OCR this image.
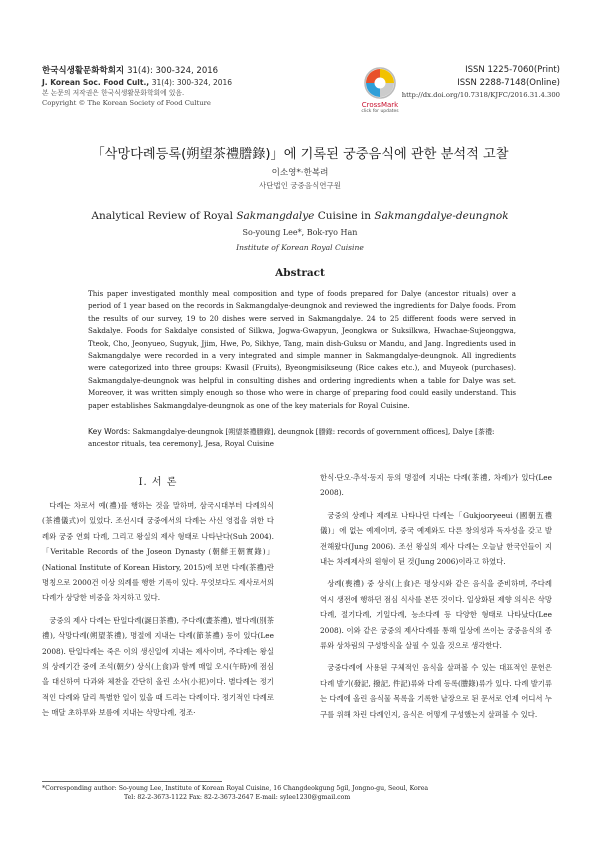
한국식생활문화학회지 31(4): 300-324, 2016
J. Korean Soc. Food Cult., 31(4): 300-324, 2016
본 논문의 저작권은 한국식생활문화학회에 있음.
Copyright © The Korean Society of Food Culture	CrossMark
click for updates
ISSN 1225-7060(Print)
ISSN 2288-7148(Online)
http://dx.doi.org/10.7318/KJFC/2016.31.4.300
「삭망다례등록(朔望茶禮謄錄)」에 기록된 궁중음식에 관한 분석적 고찰
이소영*·한복려
사단법인 궁중음식연구원
Analytical Review of Royal Sakmangdalye Cuisine in Sakmangdalye-deungnok
So-young Lee*, Bok-ryo Han
Institute of Korean Royal Cuisine
Abstract
This paper investigated monthly meal composition and type of foods prepared for Dalye (ancestor rituals) over a period of 1 year based on the records in Sakmangdalye-deungnok and reviewed the ingredients for Dalye foods. From the results of our survey, 19 to 20 dishes were served in Sakmangdalye. 24 to 25 different foods were served in Sakdalye. Foods for Sakdalye consisted of Silkwa, Jogwa-Gwapyun, Jeongkwa or Suksilkwa, Hwachae-Sujeonggwa, Tteok, Cho, Jeonyueo, Sugyuk, Jjim, Hwe, Po, Sikhye, Tang, main dish-Guksu or Mandu, and Jang. Ingredients used in Sakmangdalye were recorded in a very integrated and simple manner in Sakmangdalye-deungnok. All ingredients were categorized into three groups: Kwasil (Fruits), Byeongmisikseung (Rice cakes etc.), and Muyeok (purchases). Sakmangdalye-deungnok was helpful in consulting dishes and ordering ingredients when a table for Dalye was set. Moreover, it was written simply enough so those who were in charge of preparing food could easily understand. This paper establishes Sakmangdalye-deungnok as one of the key materials for Royal Cuisine.
Key Words: Sakmangdalye-deungnok [朔望茶禮謄錄], deungnok [謄錄: records of government offices], Dalye [茶禮: ancestor rituals, tea ceremony], Jesa, Royal Cuisine
Ⅰ. 서 론

다례는 차로서 예(禮)를 행하는 것을 말하며, 삼국시대부터 다례의식(茶禮儀式)이 있었다. 조선시대 궁중에서의 다례는 사신 영접을 위한 다례와 궁중 연회 다례, 그리고 왕실의 제사 형태로 나타난다(Suh 2004).「Veritable Records of the Joseon Dynasty (朝鮮王朝實錄)」(National Institute of Korean History, 2015)에 보면 다례(茶禮)란 명칭으로 2000건 이상 의례를 행한 기록이 있다. 무엇보다도 제사로서의 다례가 상당한 비중을 차지하고 있다.

궁중의 제사 다례는 탄일다례(誕日茶禮), 주다례(晝茶禮), 별다례(別茶禮), 삭망다례(朔望茶禮), 명절에 지내는 다례(節茶禮) 등이 있다(Lee 2008). 탄일다례는 죽은 이의 생신일에 지내는 제사이며, 주다례는 왕실의 상례기간 중에 조석(朝夕) 상식(上食)과 함께 매일 오시(午時)에 점심을 대신하여 다과와 체찬을 간단히 올린 소사(小祀)이다. 별다례는 정기적인 다례와 달리 특별한 일이 있을 때 드리는 다례이다. 정기적인 다례로는 매달 초하루와 보름에 지내는 삭망다례, 정조·

한식·단오·추석·동지 등의 명절에 지내는 다례(茶禮, 차례)가 있다(Lee 2008).

궁중의 상례나 제례로 나타나던 다례는「Gukjooryeeui (國朝五禮儀)」에 없는 예제이며, 중국 예제와도 다른 창의성과 독자성을 갖고 발전해왔다(Jung 2006). 조선 왕실의 제사 다례는 오늘날 한국인들이 지내는 차례제사의 원형이 된 것(Jung 2006)이라고 하였다.

상례(喪禮) 중 상식(上食)은 평상시와 같은 음식을 준비하며, 주다례 역시 생전에 행하던 점심 식사를 본뜬 것이다. 일상화된 제향 의식은 삭망다례, 절기다례, 기일다례, 능소다례 등 다양한 형태로 나타났다(Lee 2008). 이와 같은 궁중의 제사다례를 통해 일상에 쓰이는 궁중음식의 종류와 상차림의 구성방식을 살필 수 있을 것으로 생각한다.

궁중다례에 사용된 구체적인 음식을 살펴볼 수 있는 대표적인 문헌은 다례 발기(發記, 撥記, 件記)류와 다례 등록(謄錄)류가 있다. 다례 발기류는 다례에 올린 음식물 목록을 기록한 낱장으로 된 문서로 언제 어디서 누구를 위해 차린 다례인지, 음식은 어떻게 구성했는지 살펴볼 수 있다.

*Corresponding author: So-young Lee, Institute of Korean Royal Cuisine, 16 Changdeokgung 5gil, Jongno-gu, Seoul, Korea
Tel: 82-2-3673-1122 Fax: 82-2-3673-2647 E-mail: sylee1230@gmail.com
